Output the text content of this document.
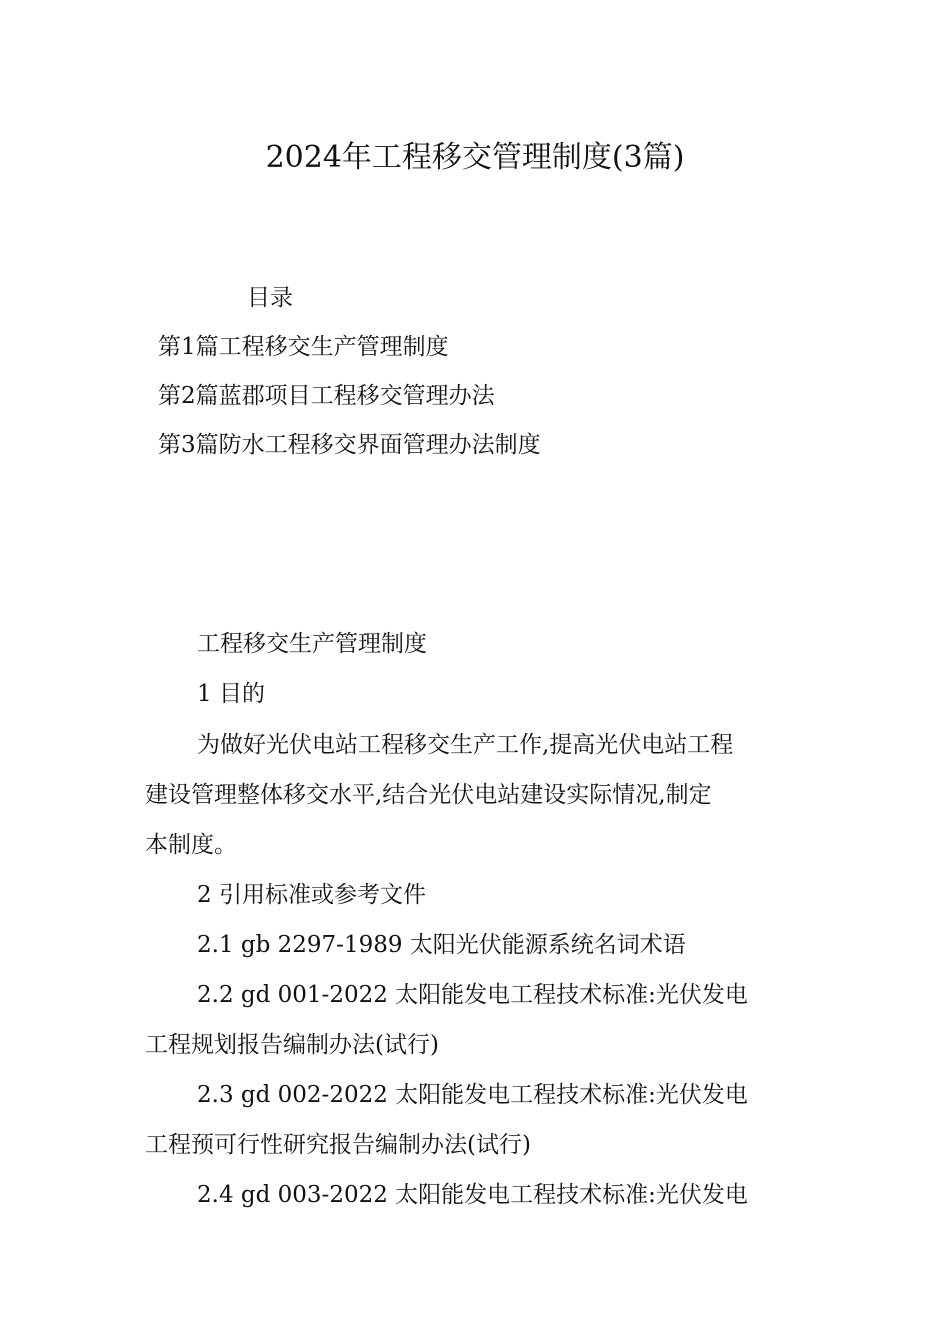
2024年工程移交管理制度(3篇)
目录
第1篇工程移交生产管理制度
第2篇蓝郡项目工程移交管理办法
第3篇防水工程移交界面管理办法制度
工程移交生产管理制度
1 目的
为做好光伏电站工程移交生产工作,提高光伏电站工程
建设管理整体移交水平,结合光伏电站建设实际情况,制定
本制度。
2 引用标准或参考文件
2.1 gb 2297-1989 太阳光伏能源系统名词术语
2.2 gd 001-2022 太阳能发电工程技术标准:光伏发电
工程规划报告编制办法(试行)
2.3 gd 002-2022 太阳能发电工程技术标准:光伏发电
工程预可行性研究报告编制办法(试行)
2.4 gd 003-2022 太阳能发电工程技术标准:光伏发电
